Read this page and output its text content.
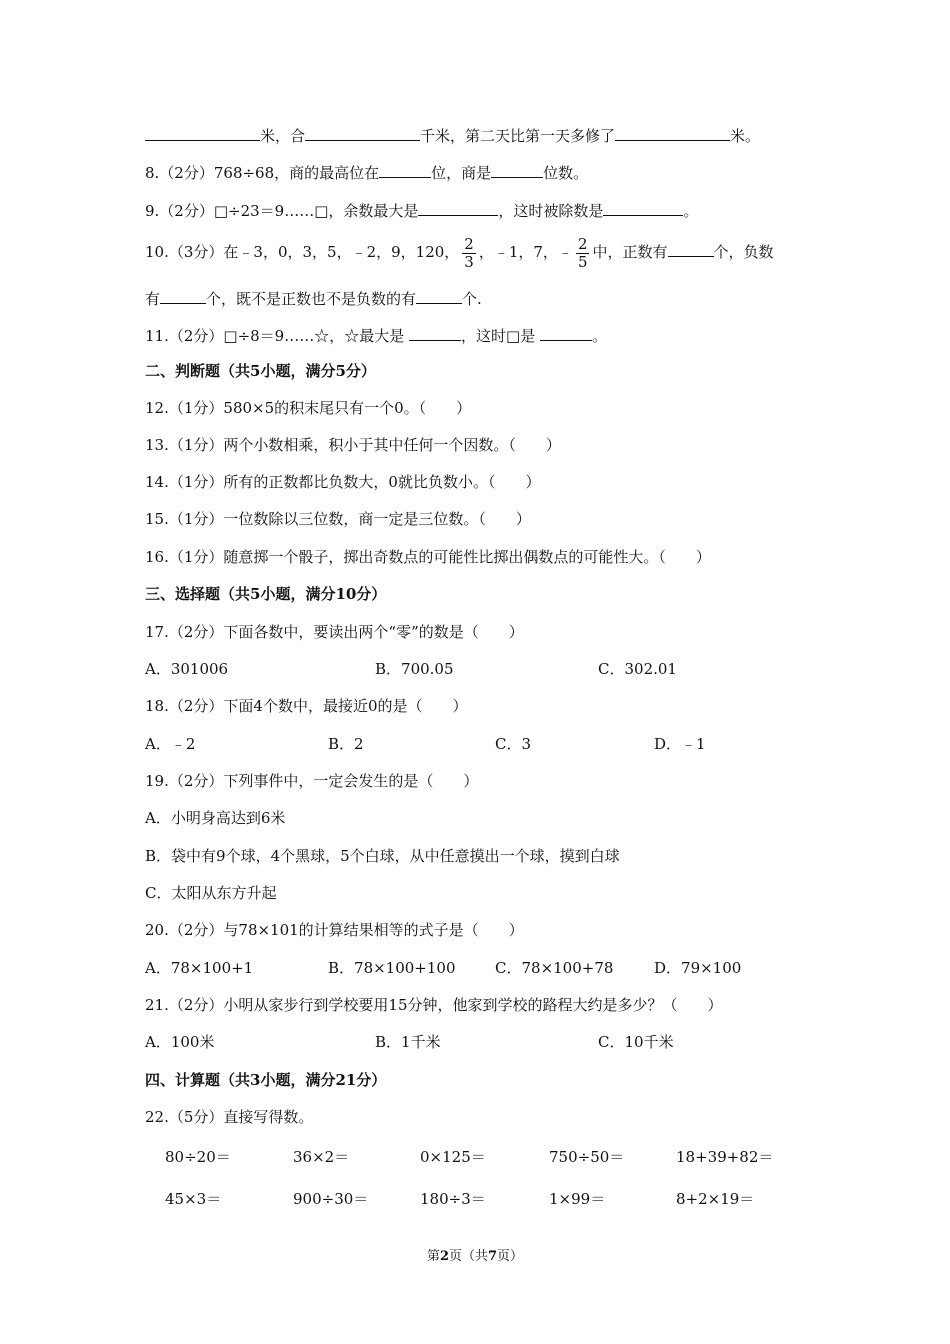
米，合	千米，第二天比第一天多修了	米。
8.（2分）768÷68，商的最高位在	位，商是	位数。
9.（2分）□÷23＝9……□，余数最大是	，这时被除数是	。
10.（3分）在﹣3，0，3，5，﹣2，9，120， $\frac{2}{3}$ ，﹣1，7，﹣ $\frac{2}{5}$ 中，正数有	个，负数
有	个，既不是正数也不是负数的有	个.
11.（2分）□÷8＝9……☆，☆最大是	，这时□是	。
二、判断题（共5小题，满分5分）
12.（1分）580×5的积末尾只有一个0。（　　）
13.（1分）两个小数相乘，积小于其中任何一个因数。（　　）
14.（1分）所有的正数都比负数大，0就比负数小。（　　）
15.（1分）一位数除以三位数，商一定是三位数。（　　）
16.（1分）随意掷一个骰子，掷出奇数点的可能性比掷出偶数点的可能性大。（　　）
三、选择题（共5小题，满分10分）
17.（2分）下面各数中，要读出两个“零”的数是（　　）
A．301006	B．700.05	C．302.01
18.（2分）下面4个数中，最接近0的是（　　）
A．﹣2	B．2	C．3	D．﹣1
19.（2分）下列事件中，一定会发生的是（　　）
A．小明身高达到6米
B．袋中有9个球，4个黑球，5个白球，从中任意摸出一个球，摸到白球
C．太阳从东方升起
20.（2分）与78×101的计算结果相等的式子是（　　）
A．78×100+1	B．78×100+100	C．78×100+78	D．79×100
21.（2分）小明从家步行到学校要用15分钟，他家到学校的路程大约是多少？（　　）
A．100米	B．1千米	C．10千米
四、计算题（共3小题，满分21分）
22.（5分）直接写得数。
80÷20＝	36×2＝	0×125＝	750÷50＝	18+39+82＝
45×3＝	900÷30＝	180÷3＝	1×99＝	8+2×19＝
第2页（共7页）
